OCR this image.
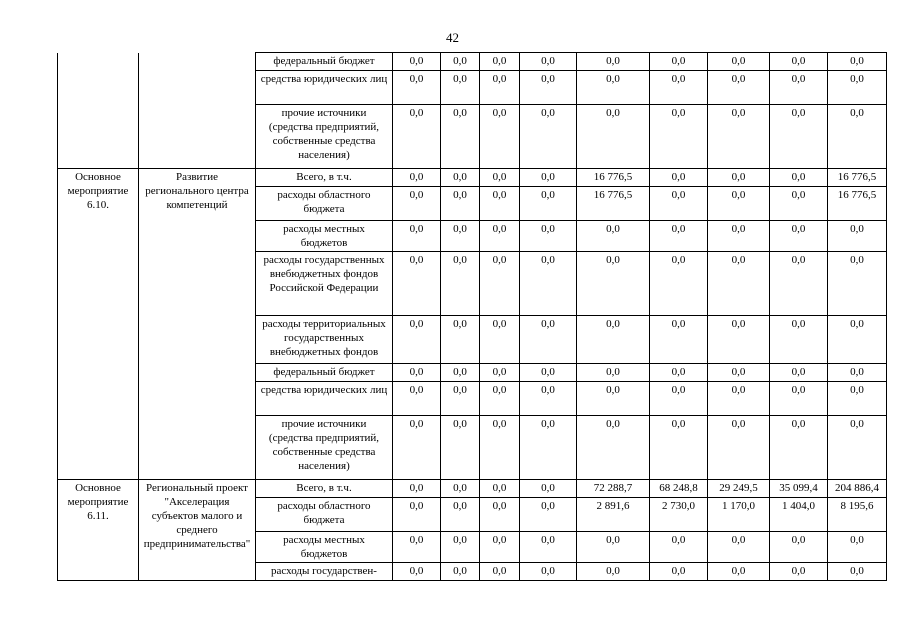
42
		федеральный бюджет	0,0	0,0	0,0	0,0	0,0	0,0	0,0	0,0	0,0
		средства юридических лиц	0,0	0,0	0,0	0,0	0,0	0,0	0,0	0,0	0,0
		прочие источники (средства предприятий, собственные средства населения)	0,0	0,0	0,0	0,0	0,0	0,0	0,0	0,0	0,0
Основное мероприятие 6.10.	Развитие регионального центра компетенций	Всего, в т.ч.	0,0	0,0	0,0	0,0	16 776,5	0,0	0,0	0,0	16 776,5
		расходы областного бюджета	0,0	0,0	0,0	0,0	16 776,5	0,0	0,0	0,0	16 776,5
		расходы местных бюджетов	0,0	0,0	0,0	0,0	0,0	0,0	0,0	0,0	0,0
		расходы государственных внебюджетных фондов Российской Федерации	0,0	0,0	0,0	0,0	0,0	0,0	0,0	0,0	0,0
		расходы территориальных государственных внебюджетных фондов	0,0	0,0	0,0	0,0	0,0	0,0	0,0	0,0	0,0
		федеральный бюджет	0,0	0,0	0,0	0,0	0,0	0,0	0,0	0,0	0,0
		средства юридических лиц	0,0	0,0	0,0	0,0	0,0	0,0	0,0	0,0	0,0
		прочие источники (средства предприятий, собственные средства населения)	0,0	0,0	0,0	0,0	0,0	0,0	0,0	0,0	0,0
Основное мероприятие 6.11.	Региональный проект "Акселерация субъектов малого и среднего предпринимательства"	Всего, в т.ч.	0,0	0,0	0,0	0,0	72 288,7	68 248,8	29 249,5	35 099,4	204 886,4
		расходы областного бюджета	0,0	0,0	0,0	0,0	2 891,6	2 730,0	1 170,0	1 404,0	8 195,6
		расходы местных бюджетов	0,0	0,0	0,0	0,0	0,0	0,0	0,0	0,0	0,0
		расходы государствен-	0,0	0,0	0,0	0,0	0,0	0,0	0,0	0,0	0,0
